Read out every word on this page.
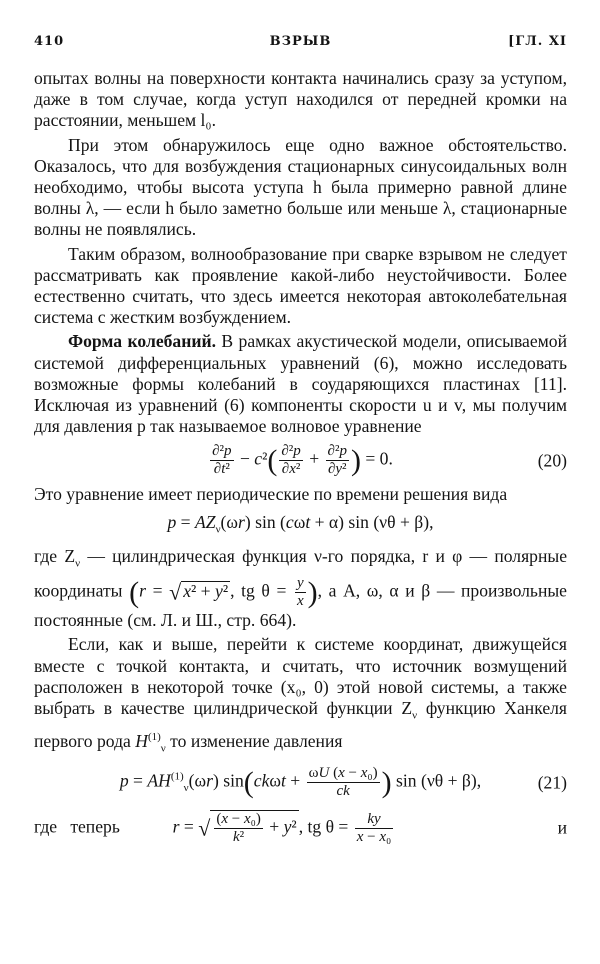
410	ВЗРЫВ	[ГЛ. XI

опытах волны на поверхности контакта начинались сразу за уступом, даже в том случае, когда уступ находился от передней кромки на расстоянии, меньшем l₀.

При этом обнаружилось еще одно важное обстоятельство. Оказалось, что для возбуждения стационарных синусоидальных волн необходимо, чтобы высота уступа h была примерно равной длине волны λ, — если h было заметно больше или меньше λ, стационарные волны не появлялись.

Таким образом, волнообразование при сварке взрывом не следует рассматривать как проявление какой-либо неустойчивости. Более естественно считать, что здесь имеется некоторая автоколебательная система с жестким возбуждением.

Форма колебаний. В рамках акустической модели, описываемой системой дифференциальных уравнений (6), можно исследовать возможные формы колебаний в соударяющихся пластинах [11]. Исключая из уравнений (6) компоненты скорости u и v, мы получим для давления p так называемое волновое уравнение

$\frac{\text{∂²p}}{\text{∂t²}} - c^2( \frac{\text{∂²p}}{\text{∂x²}} + \frac{\text{∂²p}}{\text{∂y²}}$ ) = 0.	(20)

Это уравнение имеет периодические по времени решения вида

$p = AZ_\nu(\omega r)$ sin (cωt + α) sin (νθ + β),

где $Z_\nu$ — цилиндрическая функция ν-го порядка, r и φ — полярные координаты (r = √ x² + y² , tg $\theta = \frac{y}{x}$ ), а A, ω, α и β — произвольные постоянные (см. Л. и Ш., стр. 664).

Если, как и выше, перейти к системе координат, движущейся вместе с точкой контакта, и считать, что источник возмущений расположен в некоторой точке (x₀, 0) этой новой системы, а также выбрать в качестве цилиндрической функции $Z_\nu$ функцию Ханкеля первого рода $H^{(1)}_\nu$ то изменение давления

$p = AH^{(1)}_\nu(\omega r) \sin(ck\omega t + \frac{\text{ωU (x − x₀)}}{ck}$ ) sin (νθ + β),	(21)
где теперь	r = √ $\frac{\text{(x − x₀)}}{\text{k²}} + y^2$ , tg $\theta = \frac{ky}{\text{x − x₀}}$	и
